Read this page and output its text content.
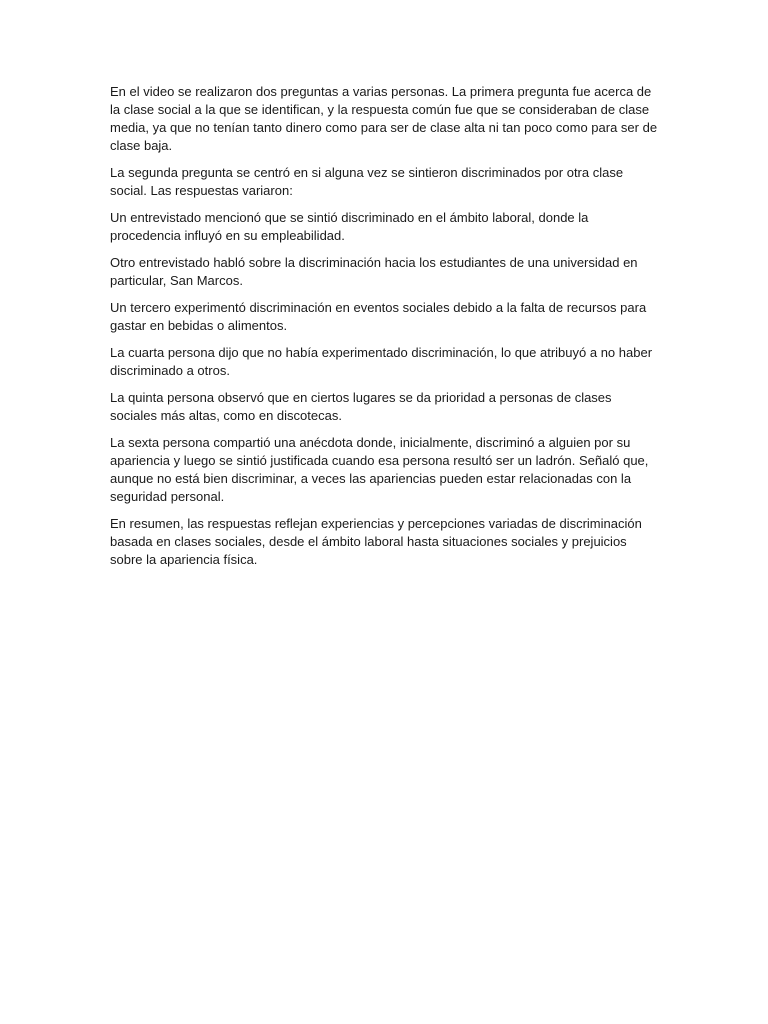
En el video se realizaron dos preguntas a varias personas. La primera pregunta fue acerca de la clase social a la que se identifican, y la respuesta común fue que se consideraban de clase media, ya que no tenían tanto dinero como para ser de clase alta ni tan poco como para ser de clase baja.

La segunda pregunta se centró en si alguna vez se sintieron discriminados por otra clase social. Las respuestas variaron:

Un entrevistado mencionó que se sintió discriminado en el ámbito laboral, donde la procedencia influyó en su empleabilidad.

Otro entrevistado habló sobre la discriminación hacia los estudiantes de una universidad en particular, San Marcos.

Un tercero experimentó discriminación en eventos sociales debido a la falta de recursos para gastar en bebidas o alimentos.

La cuarta persona dijo que no había experimentado discriminación, lo que atribuyó a no haber discriminado a otros.

La quinta persona observó que en ciertos lugares se da prioridad a personas de clases sociales más altas, como en discotecas.

La sexta persona compartió una anécdota donde, inicialmente, discriminó a alguien por su apariencia y luego se sintió justificada cuando esa persona resultó ser un ladrón. Señaló que, aunque no está bien discriminar, a veces las apariencias pueden estar relacionadas con la seguridad personal.

En resumen, las respuestas reflejan experiencias y percepciones variadas de discriminación basada en clases sociales, desde el ámbito laboral hasta situaciones sociales y prejuicios sobre la apariencia física.
